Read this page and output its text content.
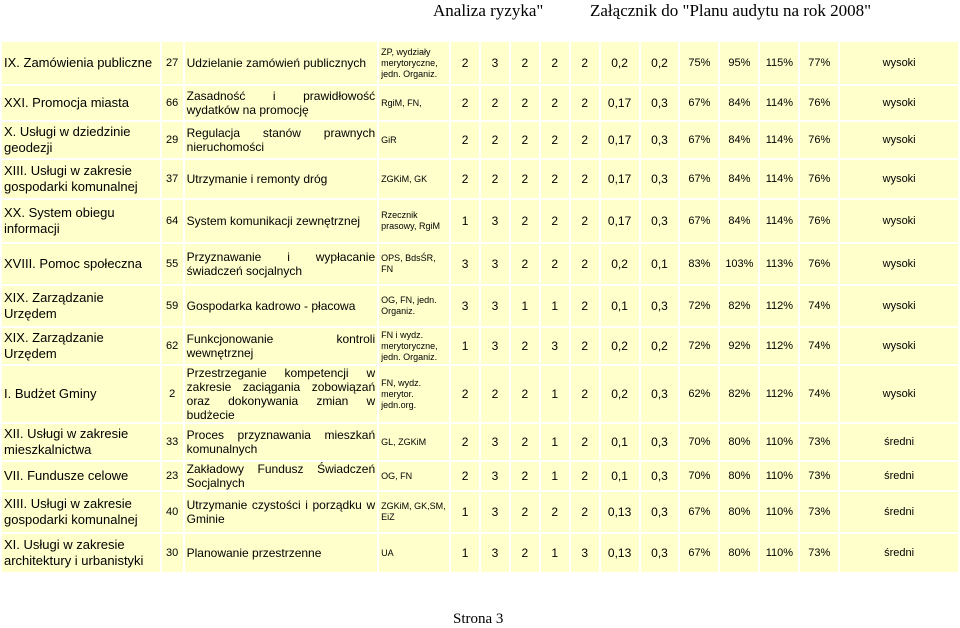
Analiza ryzyka"	Załącznik do "Planu audytu na rok 2008"
IX. Zamówienia publiczne	27	Udzielanie zamówień publicznych	ZP, wydziały merytoryczne, jedn. Organiz.	2	3	2	2	2	0,2	0,2	75%	95%	115%	77%	wysoki
XXI. Promocja miasta	66	Zasadność i prawidłowość wydatków na promocję	RgiM, FN,	2	2	2	2	2	0,17	0,3	67%	84%	114%	76%	wysoki
X. Usługi w dziedzinie geodezji	29	Regulacja stanów prawnych nieruchomości	GiR	2	2	2	2	2	0,17	0,3	67%	84%	114%	76%	wysoki
XIII. Usługi w zakresie gospodarki komunalnej	37	Utrzymanie i remonty dróg	ZGKiM, GK	2	2	2	2	2	0,17	0,3	67%	84%	114%	76%	wysoki
XX. System obiegu informacji	64	System komunikacji zewnętrznej	Rzecznik prasowy, RgiM	1	3	2	2	2	0,17	0,3	67%	84%	114%	76%	wysoki
XVIII. Pomoc społeczna	55	Przyznawanie i wypłacanie świadczeń socjalnych	OPS, BdsŚR, FN	3	3	2	2	2	0,2	0,1	83%	103%	113%	76%	wysoki
XIX. Zarządzanie Urzędem	59	Gospodarka kadrowo - płacowa	OG, FN, jedn. Organiz.	3	3	1	1	2	0,1	0,3	72%	82%	112%	74%	wysoki
XIX. Zarządzanie Urzędem	62	Funkcjonowanie kontroli wewnętrznej	FN i wydz. merytoryczne, jedn. Organiz.	1	3	2	3	2	0,2	0,2	72%	92%	112%	74%	wysoki
I. Budżet Gminy	2	Przestrzeganie kompetencji w zakresie zaciągania zobowiązań oraz dokonywania zmian w budżecie	FN, wydz. merytor. jedn.org.	2	2	2	1	2	0,2	0,3	62%	82%	112%	74%	wysoki
XII. Usługi w zakresie mieszkalnictwa	33	Proces przyznawania mieszkań komunalnych	GL, ZGKiM	2	3	2	1	2	0,1	0,3	70%	80%	110%	73%	średni
VII. Fundusze celowe	23	Zakładowy Fundusz Świadczeń Socjalnych	OG, FN	2	3	2	1	2	0,1	0,3	70%	80%	110%	73%	średni
XIII. Usługi w zakresie gospodarki komunalnej	40	Utrzymanie czystości i porządku w Gminie	ZGKiM, GK,SM, EiZ	1	3	2	2	2	0,13	0,3	67%	80%	110%	73%	średni
XI. Usługi w zakresie architektury i urbanistyki	30	Planowanie przestrzenne	UA	1	3	2	1	3	0,13	0,3	67%	80%	110%	73%	średni
Strona 3
